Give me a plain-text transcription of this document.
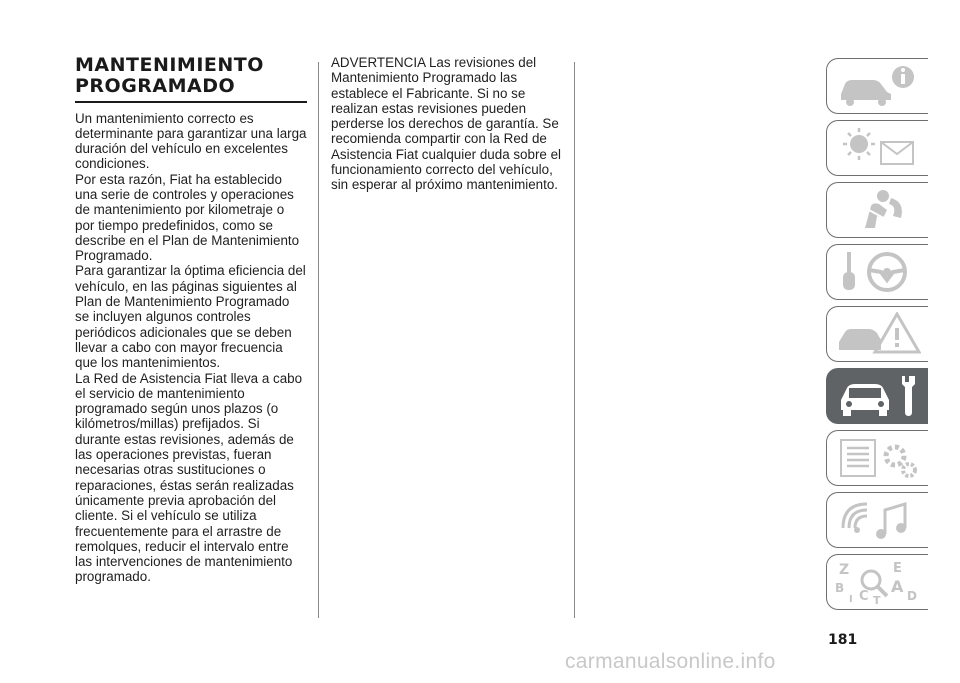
MANTENIMIENTO
PROGRAMADO

Un mantenimiento correcto es determinante para garantizar una larga duración del vehículo en excelentes condiciones.

Por esta razón, Fiat ha establecido una serie de controles y operaciones de mantenimiento por kilometraje o por tiempo predefinidos, como se describe en el Plan de Mantenimiento Programado.

Para garantizar la óptima eficiencia del vehículo, en las páginas siguientes al Plan de Mantenimiento Programado se incluyen algunos controles periódicos adicionales que se deben llevar a cabo con mayor frecuencia que los mantenimientos.

La Red de Asistencia Fiat lleva a cabo el servicio de mantenimiento programado según unos plazos (o kilómetros/millas) prefijados. Si durante estas revisiones, además de las operaciones previstas, fueran necesarias otras sustituciones o reparaciones, éstas serán realizadas únicamente previa aprobación del cliente. Si el vehículo se utiliza frecuentemente para el arrastre de remolques, reducir el intervalo entre las intervenciones de mantenimiento programado.

ADVERTENCIA Las revisiones del Mantenimiento Programado las establece el Fabricante. Si no se realizan estas revisiones pueden perderse los derechos de garantía. Se recomienda compartir con la Red de Asistencia Fiat cualquier duda sobre el funcionamiento correcto del vehículo, sin esperar al próximo mantenimiento.

Z	E
B	A
C	D
I T
181
carmanualsonline.info
